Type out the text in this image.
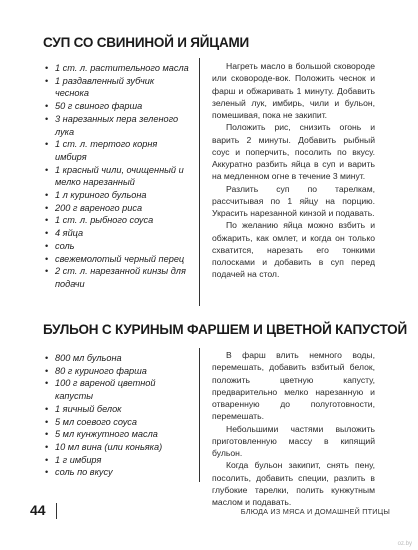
СУП СО СВИНИНОЙ И ЯЙЦАМИ
• 1 ст. л. растительного масла
• 1 раздавленный зубчик чеснока
• 50 г свиного фарша
• 3 нарезанных пера зеленого лука
• 1 ст. л. тертого корня имбиря
• 1 красный чили, очищенный и мелко нарезанный
• 1 л куриного бульона
• 200 г вареного риса
• 1 ст. л. рыбного соуса
• 4 яйца
• соль
• свежемолотый черный перец
• 2 ст. л. нарезанной кинзы для подачи

Нагреть масло в большой сковороде или сковороде-вок. Положить чеснок и фарш и обжаривать 1 минуту. Добавить зеленый лук, имбирь, чили и бульон, помешивая, пока не закипит.

Положить рис, снизить огонь и варить 2 минуты. Добавить рыбный соус и поперчить, посолить по вкусу. Аккуратно разбить яйца в суп и варить на медленном огне в течение 3 минут.

Разлить суп по тарелкам, рассчитывая по 1 яйцу на порцию. Украсить нарезанной кинзой и подавать.

По желанию яйца можно взбить и обжарить, как омлет, и когда он только схватится, нарезать его тонкими полосками и добавить в суп перед подачей на стол.

БУЛЬОН С КУРИНЫМ ФАРШЕМ И ЦВЕТНОЙ КАПУСТОЙ
• 800 мл бульона
• 80 г куриного фарша
• 100 г вареной цветной капусты
• 1 яичный белок
• 5 мл соевого соуса
• 5 мл кунжутного масла
• 10 мл вина (или коньяка)
• 1 г имбиря
• соль по вкусу

В фарш влить немного воды, перемешать, добавить взбитый белок, положить цветную капусту, предварительно мелко нарезанную и отваренную до полуготовности, перемешать.

Небольшими частями выложить приготовленную массу в кипящий бульон.

Когда бульон закипит, снять пену, посолить, добавить специи, разлить в глубокие тарелки, полить кунжутным маслом и подавать.

44	БЛЮДА ИЗ МЯСА И ДОМАШНЕЙ ПТИЦЫ
oz.by
